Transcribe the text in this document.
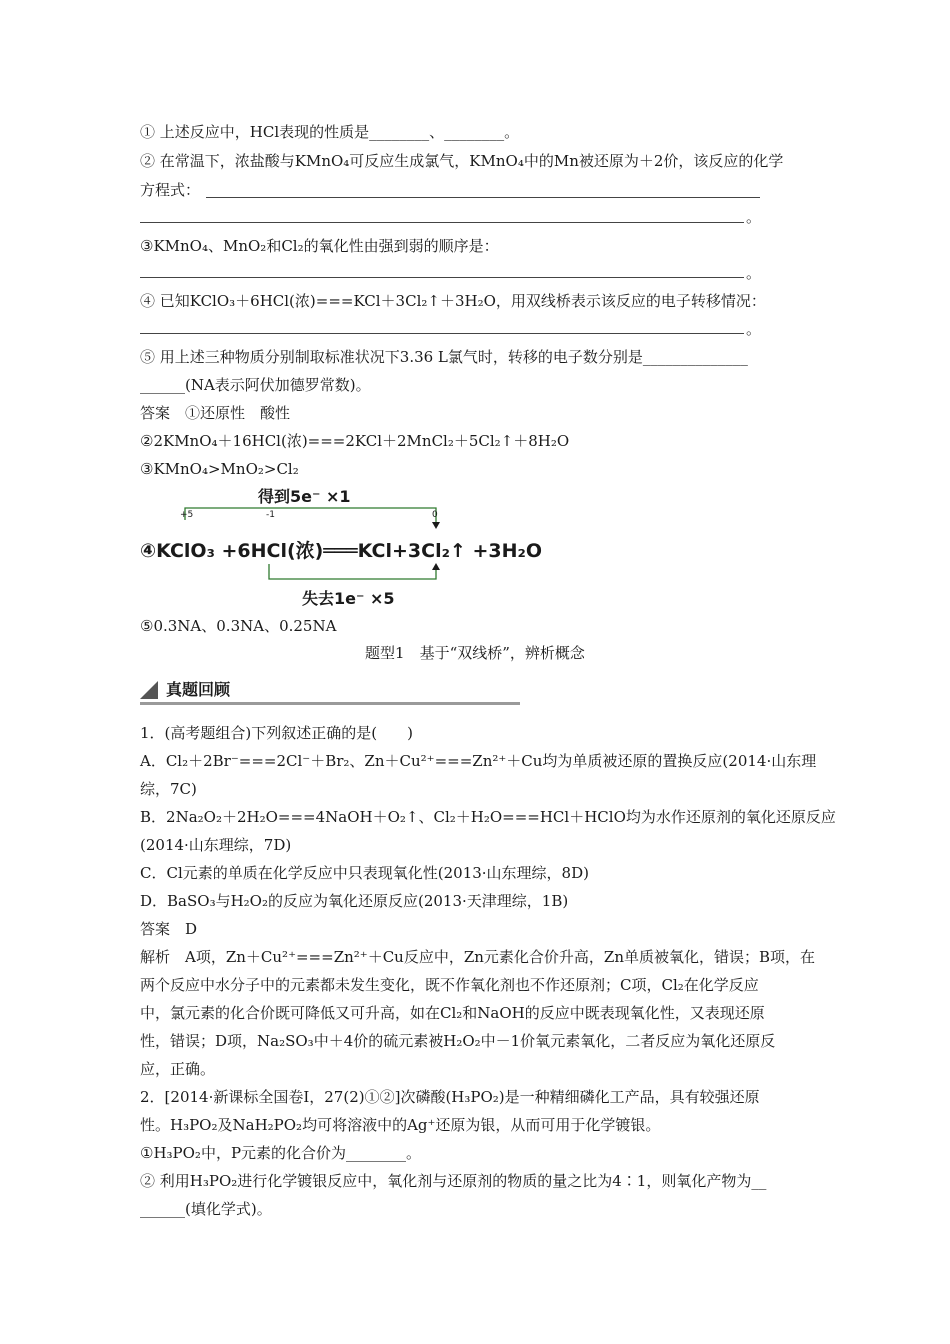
① 上述反应中，HCl表现的性质是________、________。
② 在常温下，浓盐酸与KMnO₄可反应生成氯气，KMnO₄中的Mn被还原为＋2价，该反应的化学
方程式：
。
③KMnO₄、MnO₂和Cl₂的氧化性由强到弱的顺序是：
。
④ 已知KClO₃＋6HCl(浓)===KCl＋3Cl₂↑＋3H₂O，用双线桥表示该反应的电子转移情况：
。
⑤ 用上述三种物质分别制取标准状况下3.36 L氯气时，转移的电子数分别是______________
______(NA表示阿伏加德罗常数)。
答案　①还原性　酸性
②2KMnO₄＋16HCl(浓)===2KCl＋2MnCl₂＋5Cl₂↑＋8H₂O
③KMnO₄>MnO₂>Cl₂
得到5e⁻ ×1
+5	-1	0
④KClO₃ +6HCl(浓)═══KCl+3Cl₂↑ +3H₂O
失去1e⁻ ×5
⑤0.3NA、0.3NA、0.25NA
题型1　基于“双线桥”，辨析概念
真题回顾
1．(高考题组合)下列叙述正确的是(　　)
A．Cl₂＋2Br⁻===2Cl⁻＋Br₂、Zn＋Cu²⁺===Zn²⁺＋Cu均为单质被还原的置换反应(2014·山东理
综，7C)
B．2Na₂O₂＋2H₂O===4NaOH＋O₂↑、Cl₂＋H₂O===HCl＋HClO均为水作还原剂的氧化还原反应
(2014·山东理综，7D)
C．Cl元素的单质在化学反应中只表现氧化性(2013·山东理综，8D)
D．BaSO₃与H₂O₂的反应为氧化还原反应(2013·天津理综，1B)
答案　D
解析　A项，Zn＋Cu²⁺===Zn²⁺＋Cu反应中，Zn元素化合价升高，Zn单质被氧化，错误；B项，在
两个反应中水分子中的元素都未发生变化，既不作氧化剂也不作还原剂；C项，Cl₂在化学反应
中，氯元素的化合价既可降低又可升高，如在Cl₂和NaOH的反应中既表现氧化性，又表现还原
性，错误；D项，Na₂SO₃中＋4价的硫元素被H₂O₂中－1价氧元素氧化，二者反应为氧化还原反
应，正确。
2．[2014·新课标全国卷Ⅰ，27(2)①②]次磷酸(H₃PO₂)是一种精细磷化工产品，具有较强还原
性。H₃PO₂及NaH₂PO₂均可将溶液中的Ag⁺还原为银，从而可用于化学镀银。
①H₃PO₂中，P元素的化合价为________。
② 利用H₃PO₂进行化学镀银反应中，氧化剂与还原剂的物质的量之比为4∶1，则氧化产物为__
______(填化学式)。
